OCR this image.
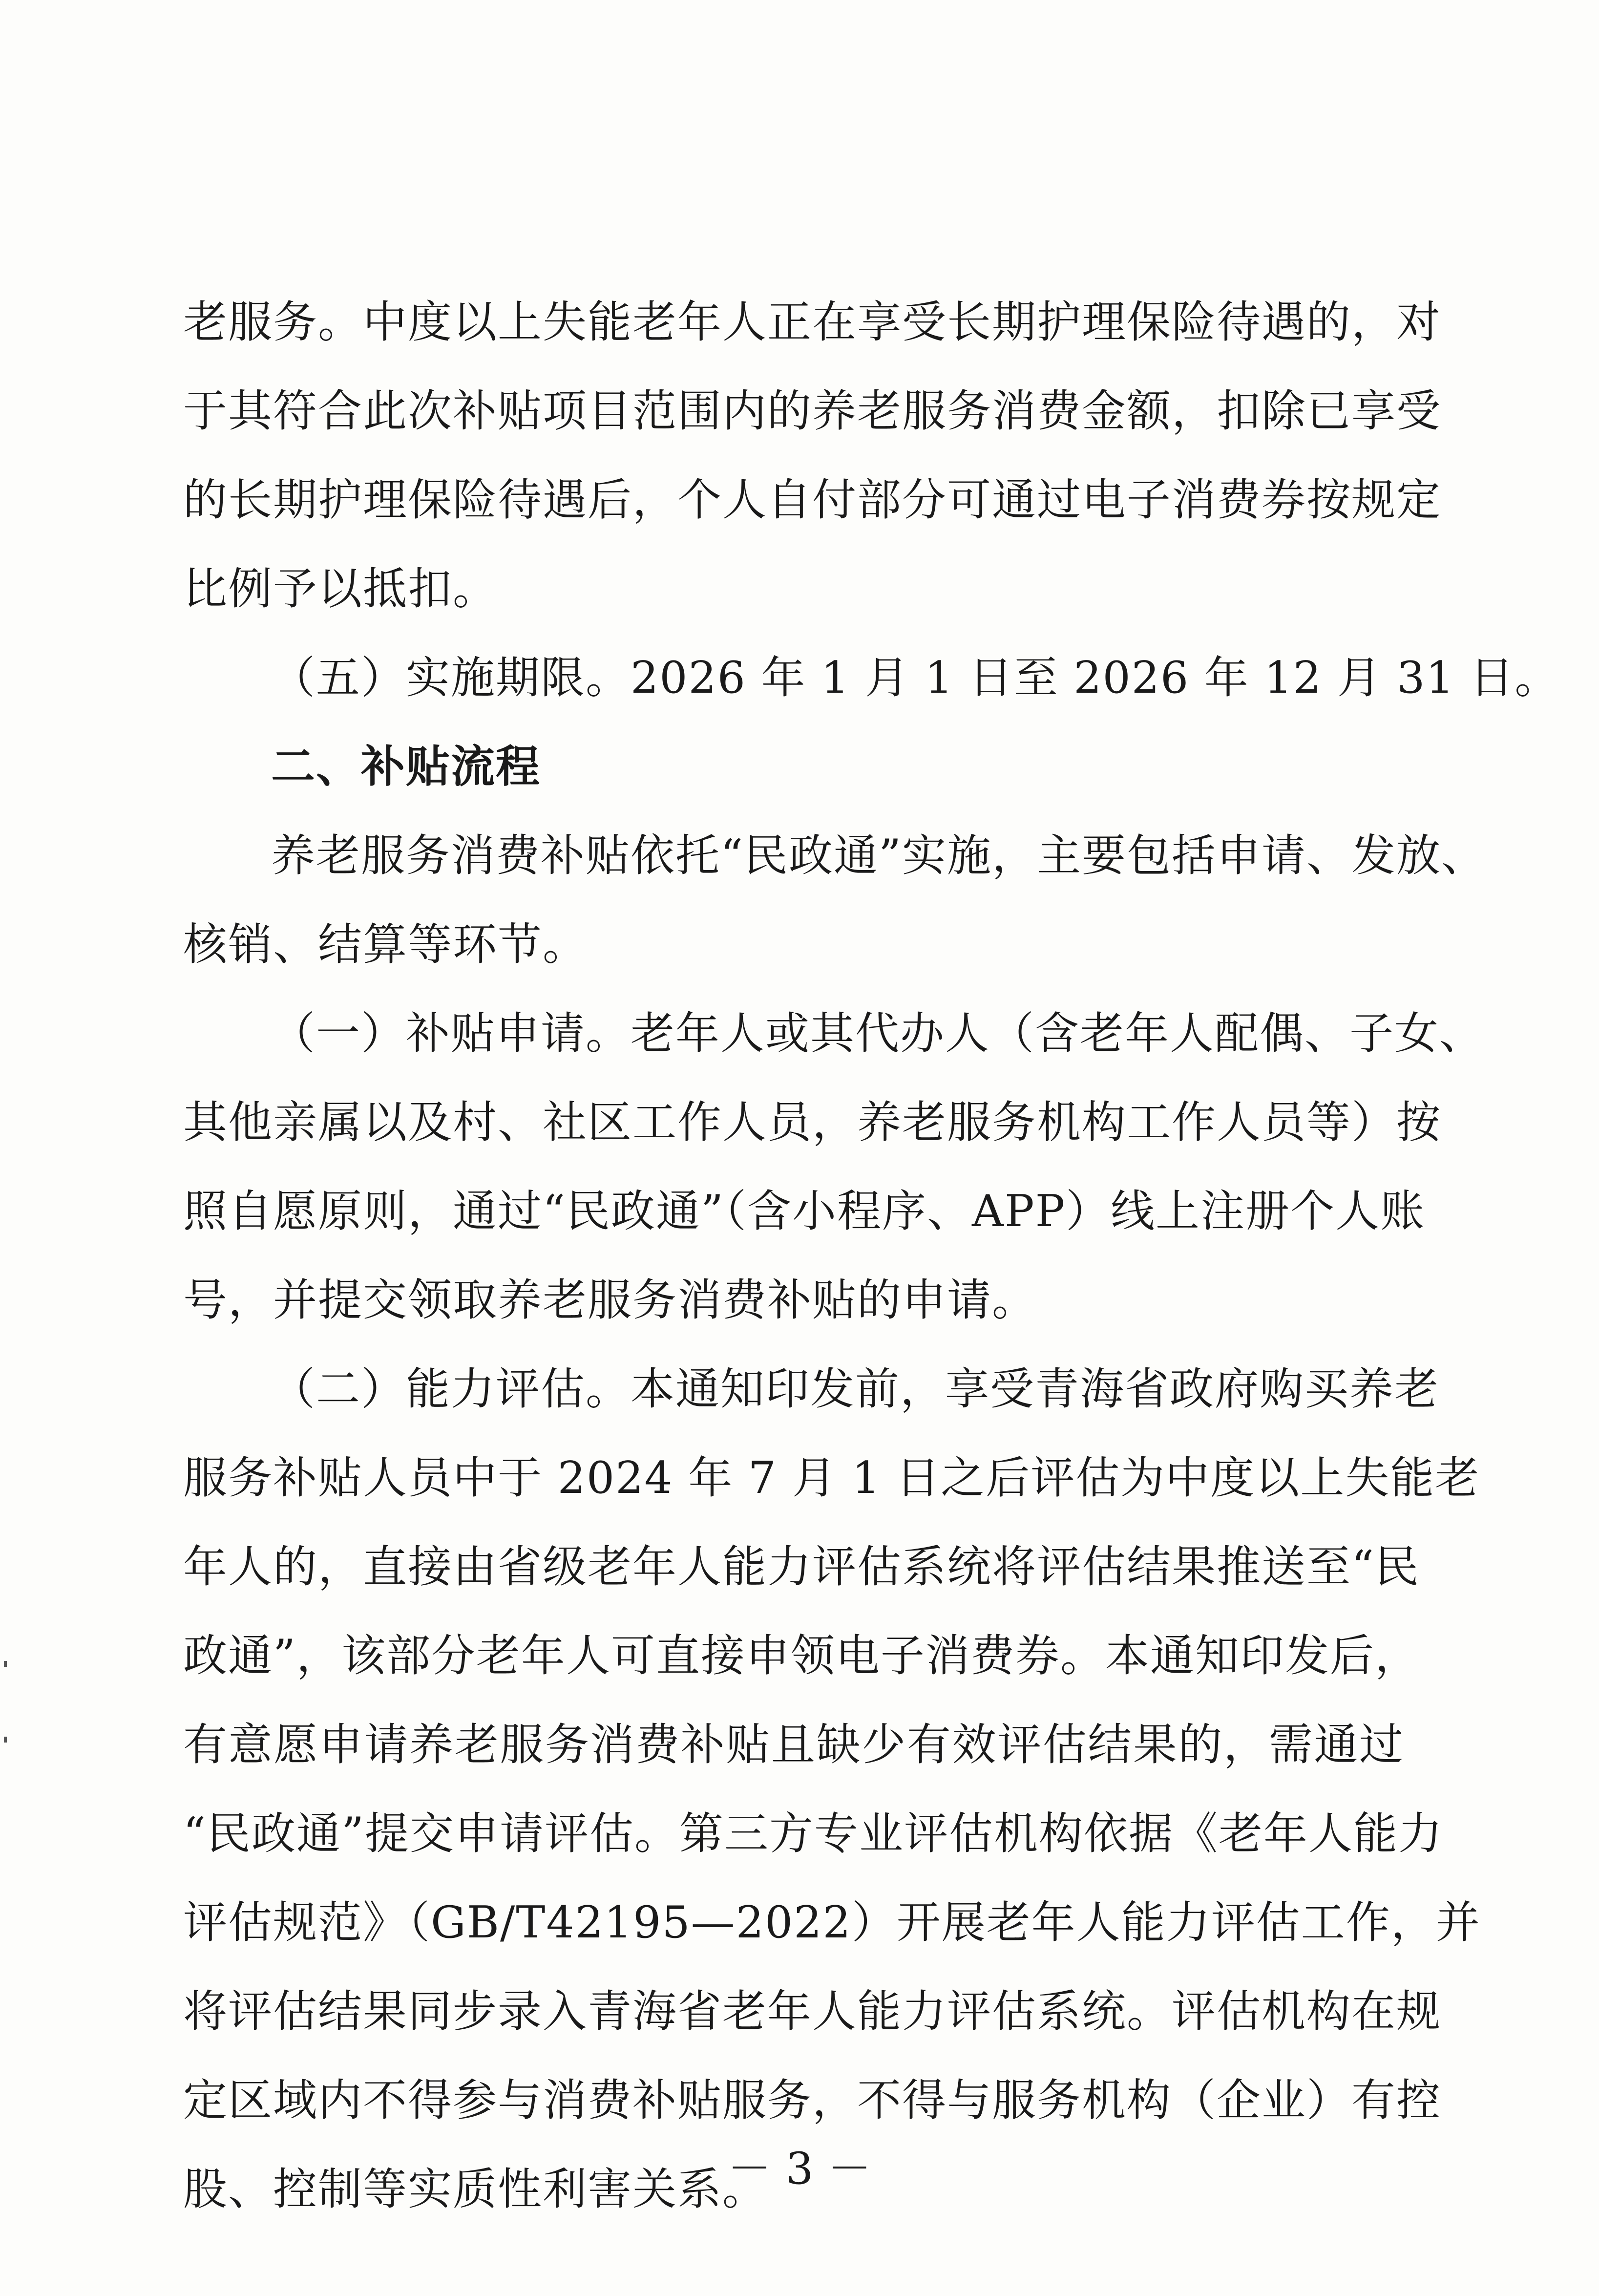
老服务。中度以上失能老年人正在享受长期护理保险待遇的，对
于其符合此次补贴项目范围内的养老服务消费金额，扣除已享受
的长期护理保险待遇后，个人自付部分可通过电子消费券按规定
比例予以抵扣。
（五）实施期限。2026 年 1 月 1 日至 2026 年 12 月 31 日。
二、补贴流程
养老服务消费补贴依托“民政通”实施，主要包括申请、发放、
核销、结算等环节。
（一）补贴申请。老年人或其代办人（含老年人配偶、子女、
其他亲属以及村、社区工作人员，养老服务机构工作人员等）按
照自愿原则，通过“民政通”（含小程序、APP）线上注册个人账
号，并提交领取养老服务消费补贴的申请。
（二）能力评估。本通知印发前，享受青海省政府购买养老
服务补贴人员中于 2024 年 7 月 1 日之后评估为中度以上失能老
年人的，直接由省级老年人能力评估系统将评估结果推送至“民
政通”，该部分老年人可直接申领电子消费券。本通知印发后，
有意愿申请养老服务消费补贴且缺少有效评估结果的，需通过
“民政通”提交申请评估。第三方专业评估机构依据《老年人能力
评估规范》（GB/T42195—2022）开展老年人能力评估工作，并
将评估结果同步录入青海省老年人能力评估系统。评估机构在规
定区域内不得参与消费补贴服务，不得与服务机构（企业）有控
股、控制等实质性利害关系。
－ 3 －
